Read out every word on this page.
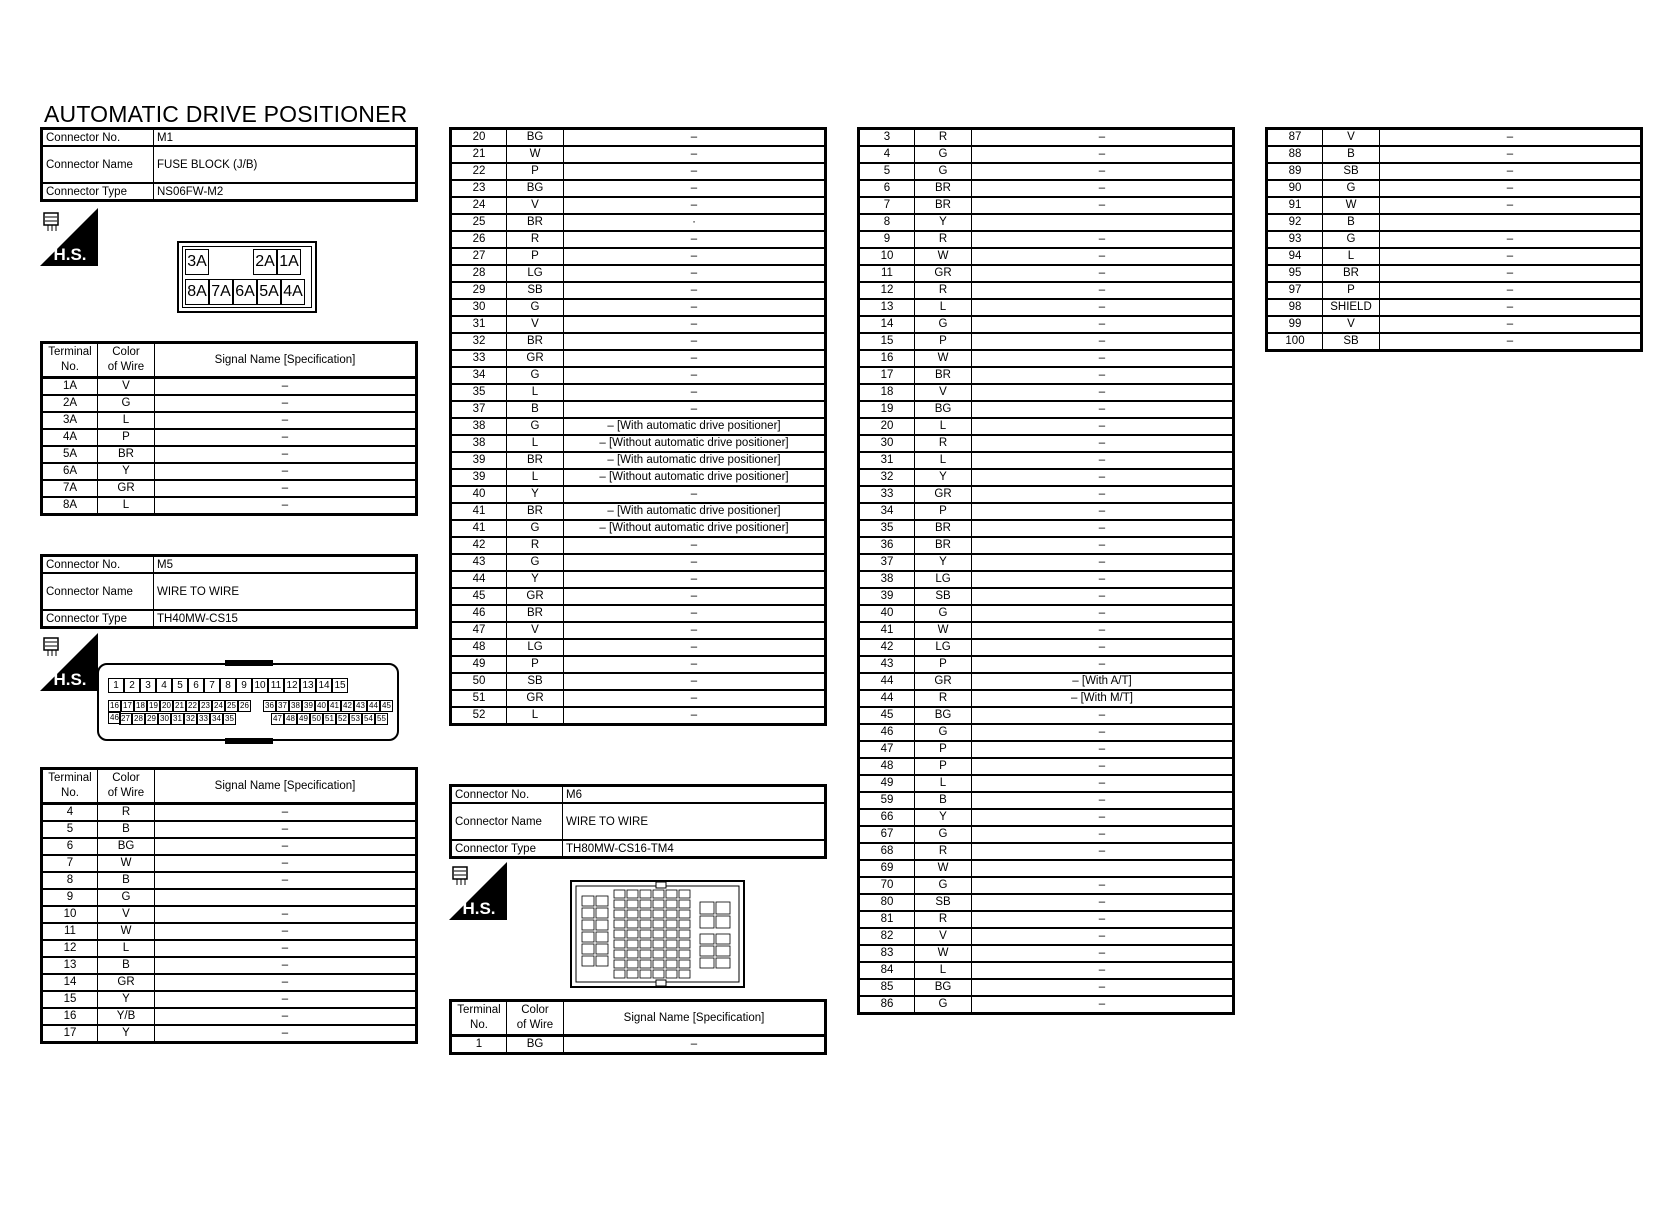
AUTOMATIC DRIVE POSITIONER
Connector No.	M1
Connector Name	FUSE BLOCK (J/B)
Connector Type	NS06FW-M2
H.S.	3A	2A 1A
8A 7A 6A 5A 4A
Terminal
No.	Color
of Wire	Signal Name [Specification]
1A	V	–
2A	G	–
3A	L	–
4A	P	–
5A	BR	–
6A	Y	–
7A	GR	–
8A	L	–
Connector No.	M5
Connector Name	WIRE TO WIRE
Connector Type	TH40MW-CS15
H.S.	1 2 3 4 5 6 7 8 9 10 11 12 13 14 15
16 17 18 19 20 21 22 23 24 25 26 36 37 38 39 40 41 42 43 44 4546 27 28 29 30 31 32 33 34 35	47 48 49 50 51 52 53 54 55
Terminal
No.	Color
of Wire	Signal Name [Specification]
4	R	–
5	B	–
6	BG	–
7	W	–
8	B	–
9	G	
10	V	–
11	W	–
12	L	–
13	B	–
14	GR	–
15	Y	–
16	Y/B	–
17	Y	–
20	BG	–
21	W	–
22	P	–
23	BG	–
24	V	–
25	BR	·
26	R	–
27	P	–
28	LG	–
29	SB	–
30	G	–
31	V	–
32	BR	–
33	GR	–
34	G	–
35	L	–
37	B	–
38	G	– [With automatic drive positioner]
38	L	– [Without automatic drive positioner]
39	BR	– [With automatic drive positioner]
39	L	– [Without automatic drive positioner]
40	Y	–
41	BR	– [With automatic drive positioner]
41	G	– [Without automatic drive positioner]
42	R	–
43	G	–
44	Y	–
45	GR	–
46	BR	–
47	V	–
48	LG	–
49	P	–
50	SB	–
51	GR	–
52	L	–
Connector No.	M6
Connector Name	WIRE TO WIRE
Connector Type	TH80MW-CS16-TM4
H.S.
Terminal
No.	Color
of Wire	Signal Name [Specification]
1	BG	–
3	R	–
4	G	–
5	G	–
6	BR	–
7	BR	–
8	Y	
9	R	–
10	W	–
11	GR	–
12	R	–
13	L	–
14	G	–
15	P	–
16	W	–
17	BR	–
18	V	–
19	BG	–
20	L	–
30	R	–
31	L	–
32	Y	–
33	GR	–
34	P	–
35	BR	–
36	BR	–
37	Y	–
38	LG	–
39	SB	–
40	G	–
41	W	–
42	LG	–
43	P	–
44	GR	– [With A/T]
44	R	– [With M/T]
45	BG	–
46	G	–
47	P	–
48	P	–
49	L	–
59	B	–
66	Y	–
67	G	–
68	R	–
69	W	
70	G	–
80	SB	–
81	R	–
82	V	–
83	W	–
84	L	–
85	BG	–
86	G	–
87	V	–
88	B	–
89	SB	–
90	G	–
91	W	–
92	B	
93	G	–
94	L	–
95	BR	–
97	P	–
98	SHIELD	–
99	V	–
100	SB	–
